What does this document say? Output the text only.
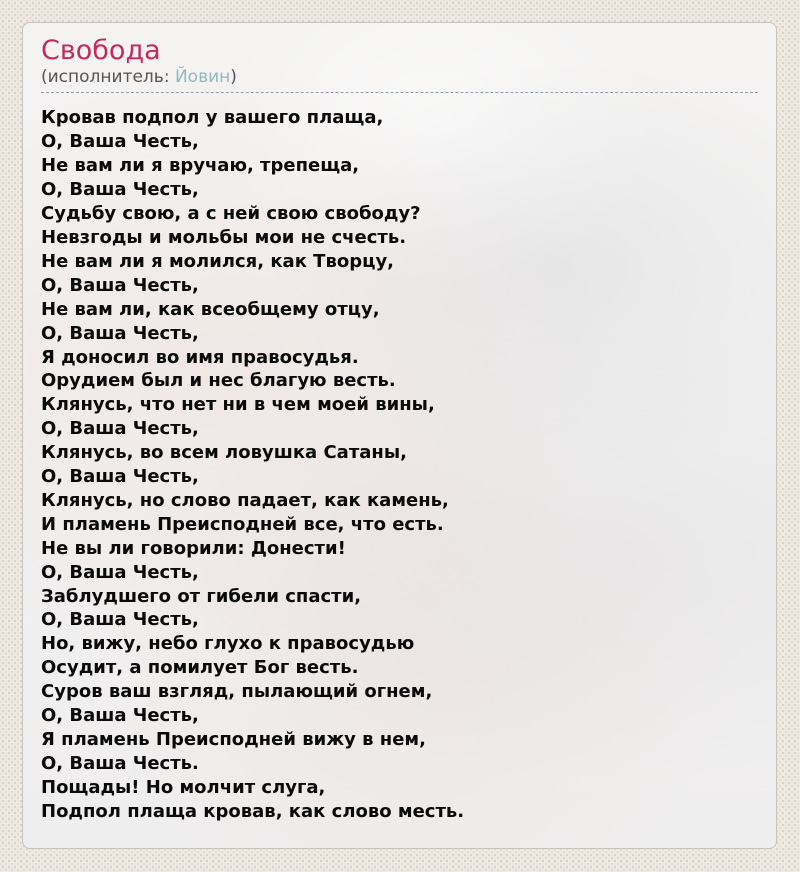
Свобода
(исполнитель: Йовин)
Кровав подпол у вашего плаща,
О, Ваша Честь,
Не вам ли я вручаю, трепеща,
О, Ваша Честь,
Судьбу свою, а с ней свою свободу?
Невзгоды и мольбы мои не счесть.
Не вам ли я молился, как Творцу,
О, Ваша Честь,
Не вам ли, как всеобщему отцу,
О, Ваша Честь,
Я доносил во имя правосудья.
Орудием был и нес благую весть.
Клянусь, что нет ни в чем моей вины,
О, Ваша Честь,
Клянусь, во всем ловушка Сатаны,
О, Ваша Честь,
Клянусь, но слово падает, как камень,
И пламень Преисподней все, что есть.
Не вы ли говорили: Донести!
О, Ваша Честь,
Заблудшего от гибели спасти,
О, Ваша Честь,
Но, вижу, небо глухо к правосудью
Осудит, а помилует Бог весть.
Суров ваш взгляд, пылающий огнем,
О, Ваша Честь,
Я пламень Преисподней вижу в нем,
О, Ваша Честь.
Пощады! Но молчит слуга,
Подпол плаща кровав, как слово месть.
